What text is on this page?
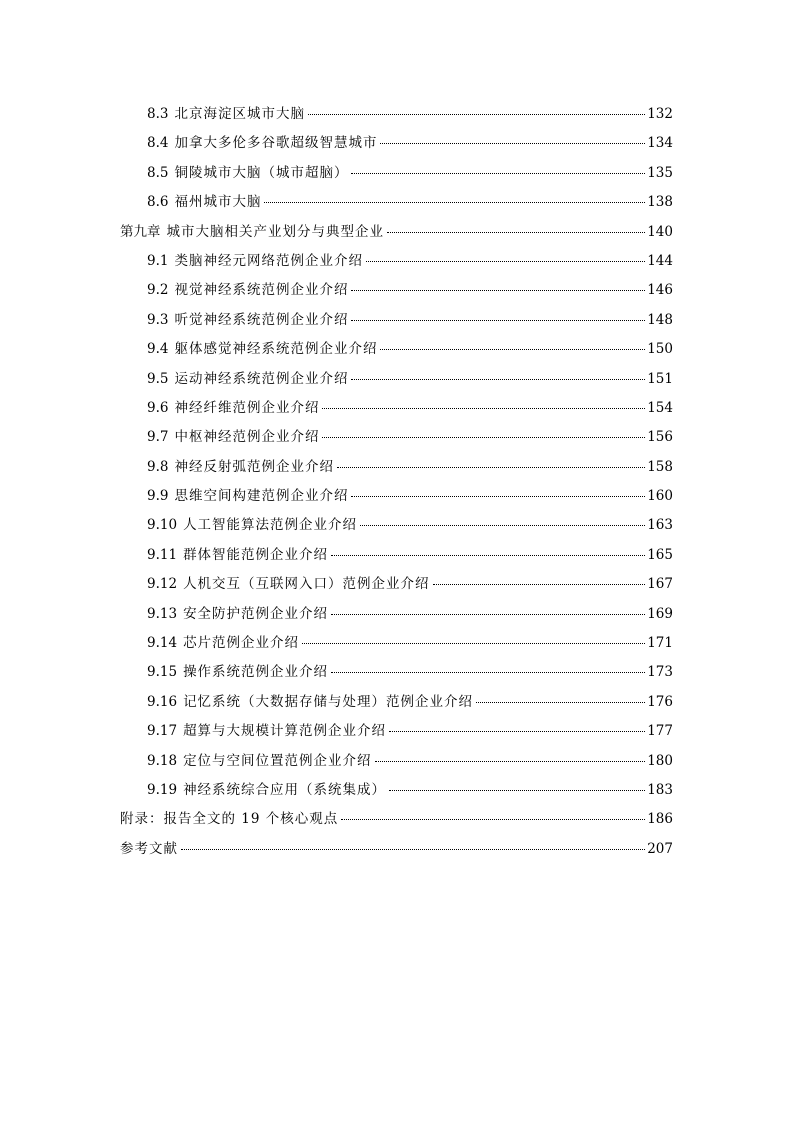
8.3 北京海淀区城市大脑	132
8.4 加拿大多伦多谷歌超级智慧城市	134
8.5 铜陵城市大脑（城市超脑）	135
8.6 福州城市大脑	138
第九章 城市大脑相关产业划分与典型企业	140
9.1 类脑神经元网络范例企业介绍	144
9.2 视觉神经系统范例企业介绍	146
9.3 听觉神经系统范例企业介绍	148
9.4 躯体感觉神经系统范例企业介绍	150
9.5 运动神经系统范例企业介绍	151
9.6 神经纤维范例企业介绍	154
9.7 中枢神经范例企业介绍	156
9.8 神经反射弧范例企业介绍	158
9.9 思维空间构建范例企业介绍	160
9.10 人工智能算法范例企业介绍	163
9.11 群体智能范例企业介绍	165
9.12 人机交互（互联网入口）范例企业介绍	167
9.13 安全防护范例企业介绍	169
9.14 芯片范例企业介绍	171
9.15 操作系统范例企业介绍	173
9.16 记忆系统（大数据存储与处理）范例企业介绍	176
9.17 超算与大规模计算范例企业介绍	177
9.18 定位与空间位置范例企业介绍	180
9.19 神经系统综合应用（系统集成）	183
附录：报告全文的 19 个核心观点	186
参考文献	207
